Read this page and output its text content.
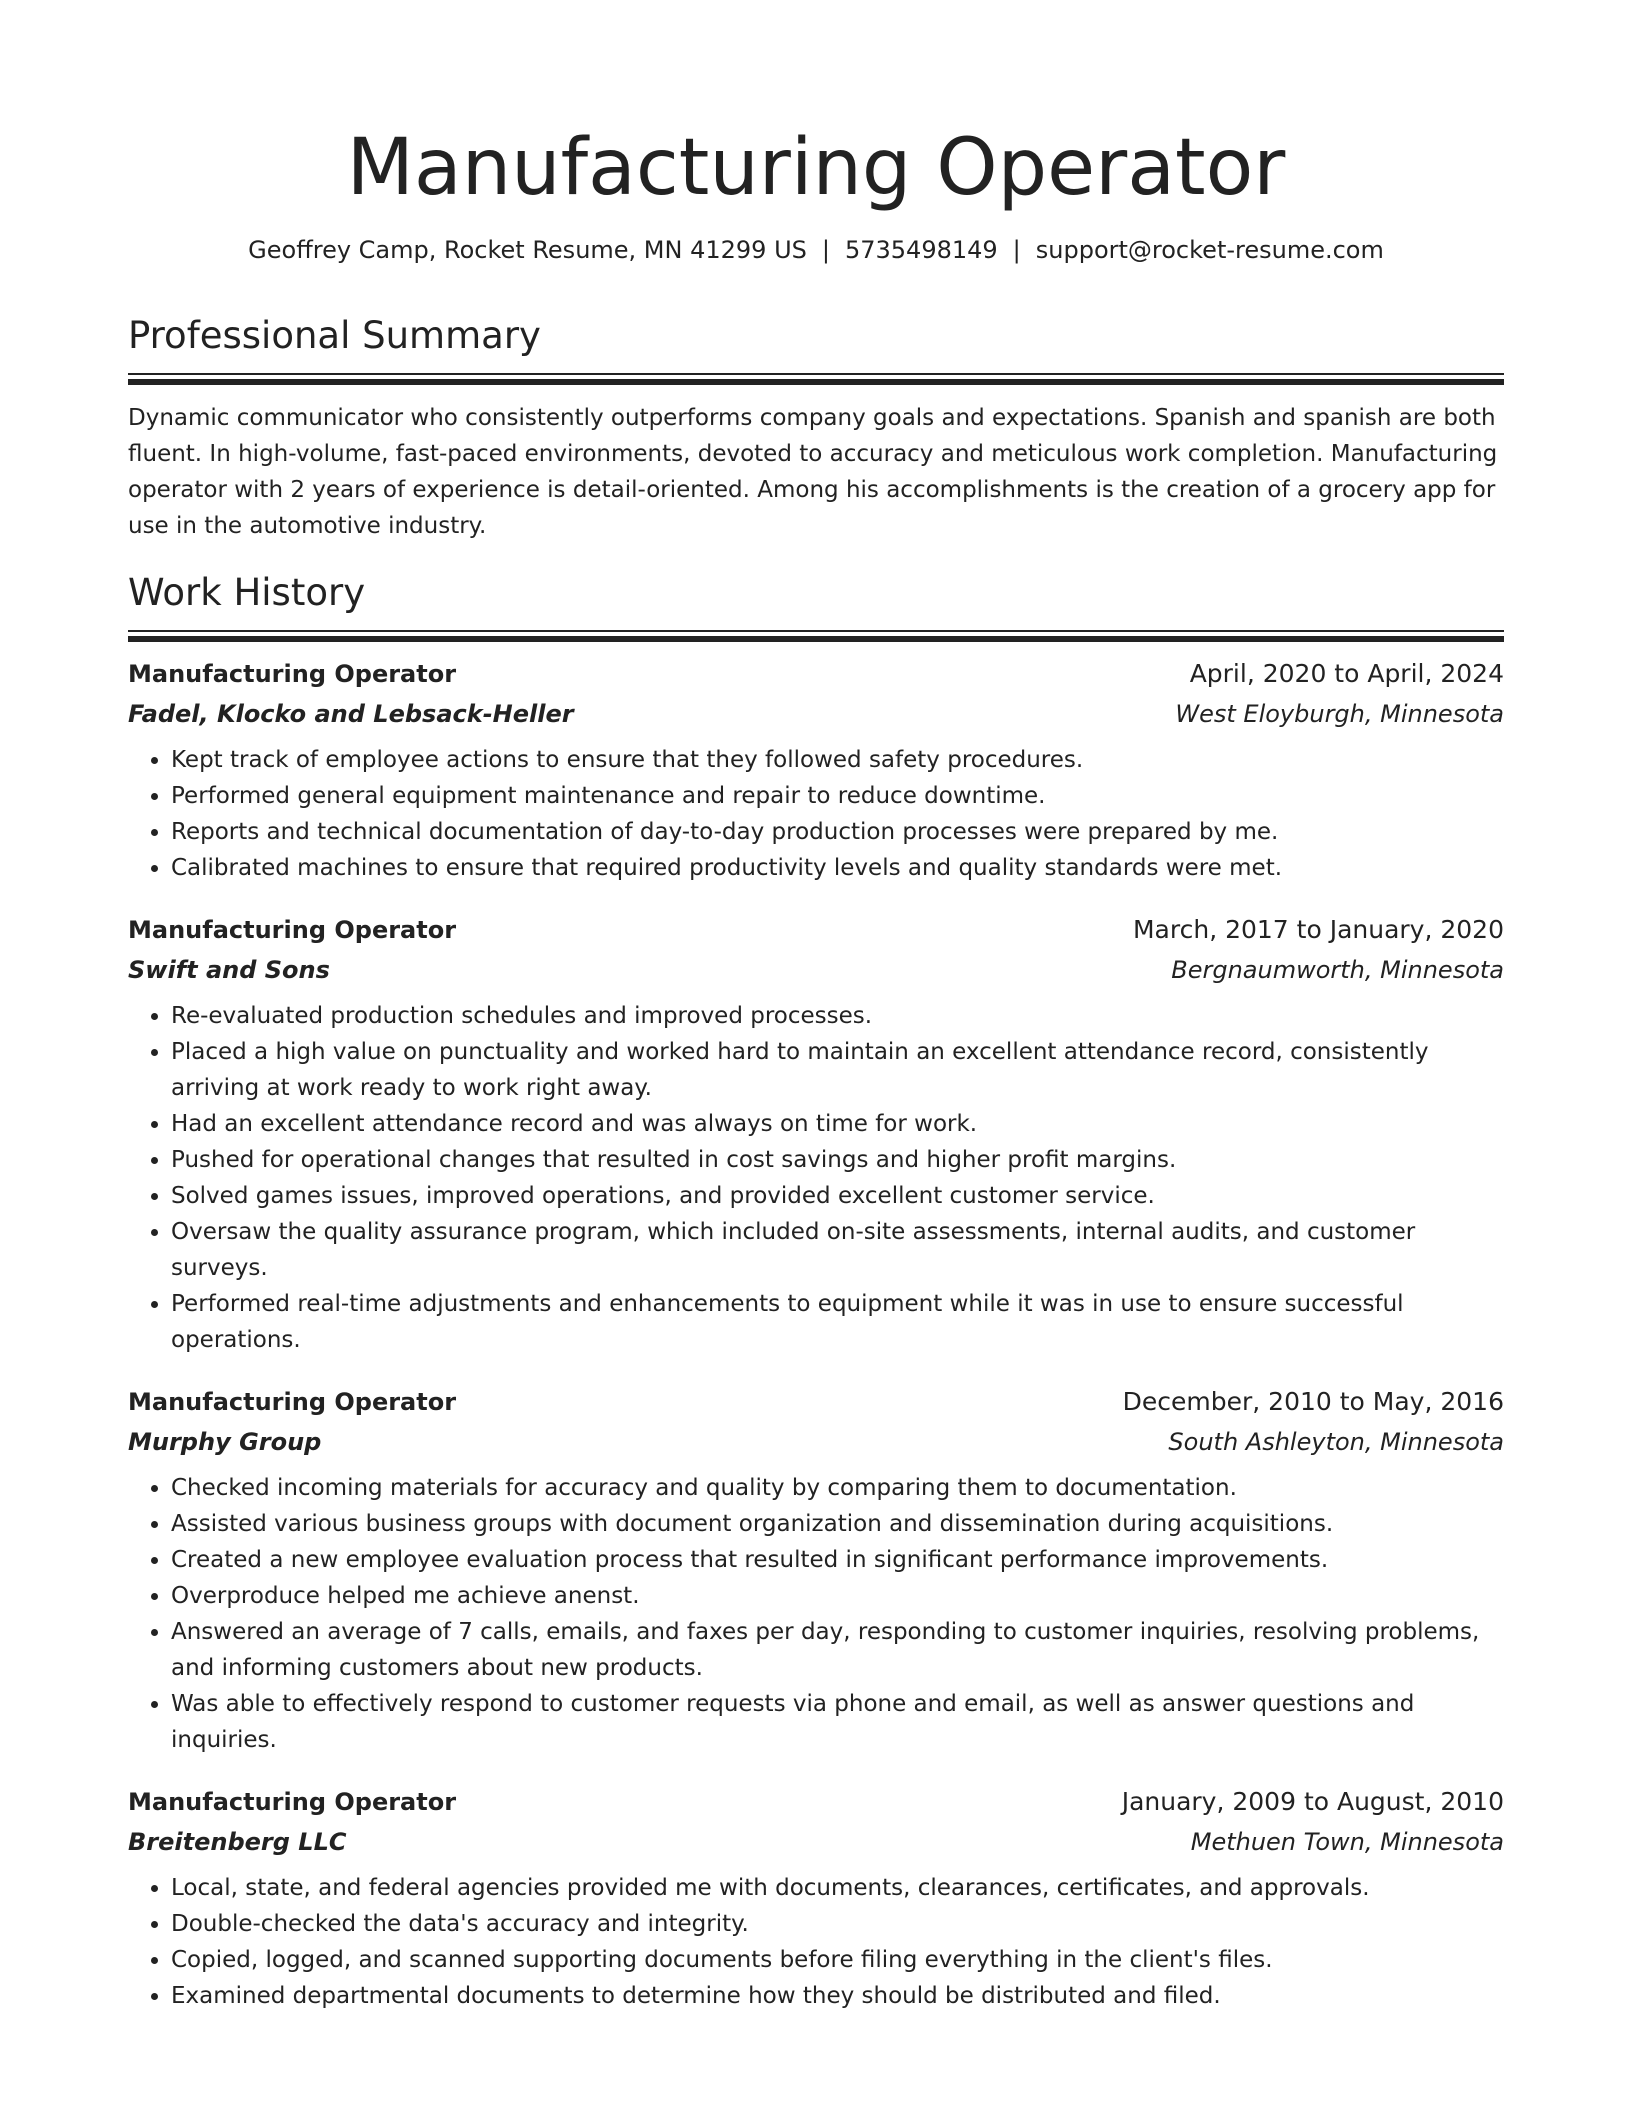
Manufacturing Operator
Geoffrey Camp, Rocket Resume, MN 41299 US | 5735498149 | support@rocket-resume.com
Professional Summary

Dynamic communicator who consistently outperforms company goals and expectations. Spanish and spanish are both fluent. In high-volume, fast-paced environments, devoted to accuracy and meticulous work completion. Manufacturing operator with 2 years of experience is detail-oriented. Among his accomplishments is the creation of a grocery app for use in the automotive industry.

Work History
Manufacturing Operator	April, 2020 to April, 2024
Fadel, Klocko and Lebsack-Heller	West Eloyburgh, Minnesota
• Kept track of employee actions to ensure that they followed safety procedures.
• Performed general equipment maintenance and repair to reduce downtime.
• Reports and technical documentation of day-to-day production processes were prepared by me.
• Calibrated machines to ensure that required productivity levels and quality standards were met.
Manufacturing Operator	March, 2017 to January, 2020
Swift and Sons	Bergnaumworth, Minnesota
• Re-evaluated production schedules and improved processes.
• Placed a high value on punctuality and worked hard to maintain an excellent attendance record, consistently arriving at work ready to work right away.
• Had an excellent attendance record and was always on time for work.
• Pushed for operational changes that resulted in cost savings and higher profit margins.
• Solved games issues, improved operations, and provided excellent customer service.
• Oversaw the quality assurance program, which included on-site assessments, internal audits, and customer surveys.
• Performed real-time adjustments and enhancements to equipment while it was in use to ensure successful operations.
Manufacturing Operator	December, 2010 to May, 2016
Murphy Group	South Ashleyton, Minnesota
• Checked incoming materials for accuracy and quality by comparing them to documentation.
• Assisted various business groups with document organization and dissemination during acquisitions.
• Created a new employee evaluation process that resulted in significant performance improvements.
• Overproduce helped me achieve anenst.
• Answered an average of 7 calls, emails, and faxes per day, responding to customer inquiries, resolving problems, and informing customers about new products.
• Was able to effectively respond to customer requests via phone and email, as well as answer questions and inquiries.
Manufacturing Operator	January, 2009 to August, 2010
Breitenberg LLC	Methuen Town, Minnesota
• Local, state, and federal agencies provided me with documents, clearances, certificates, and approvals.
• Double-checked the data's accuracy and integrity.
• Copied, logged, and scanned supporting documents before filing everything in the client's files.
• Examined departmental documents to determine how they should be distributed and filed.
